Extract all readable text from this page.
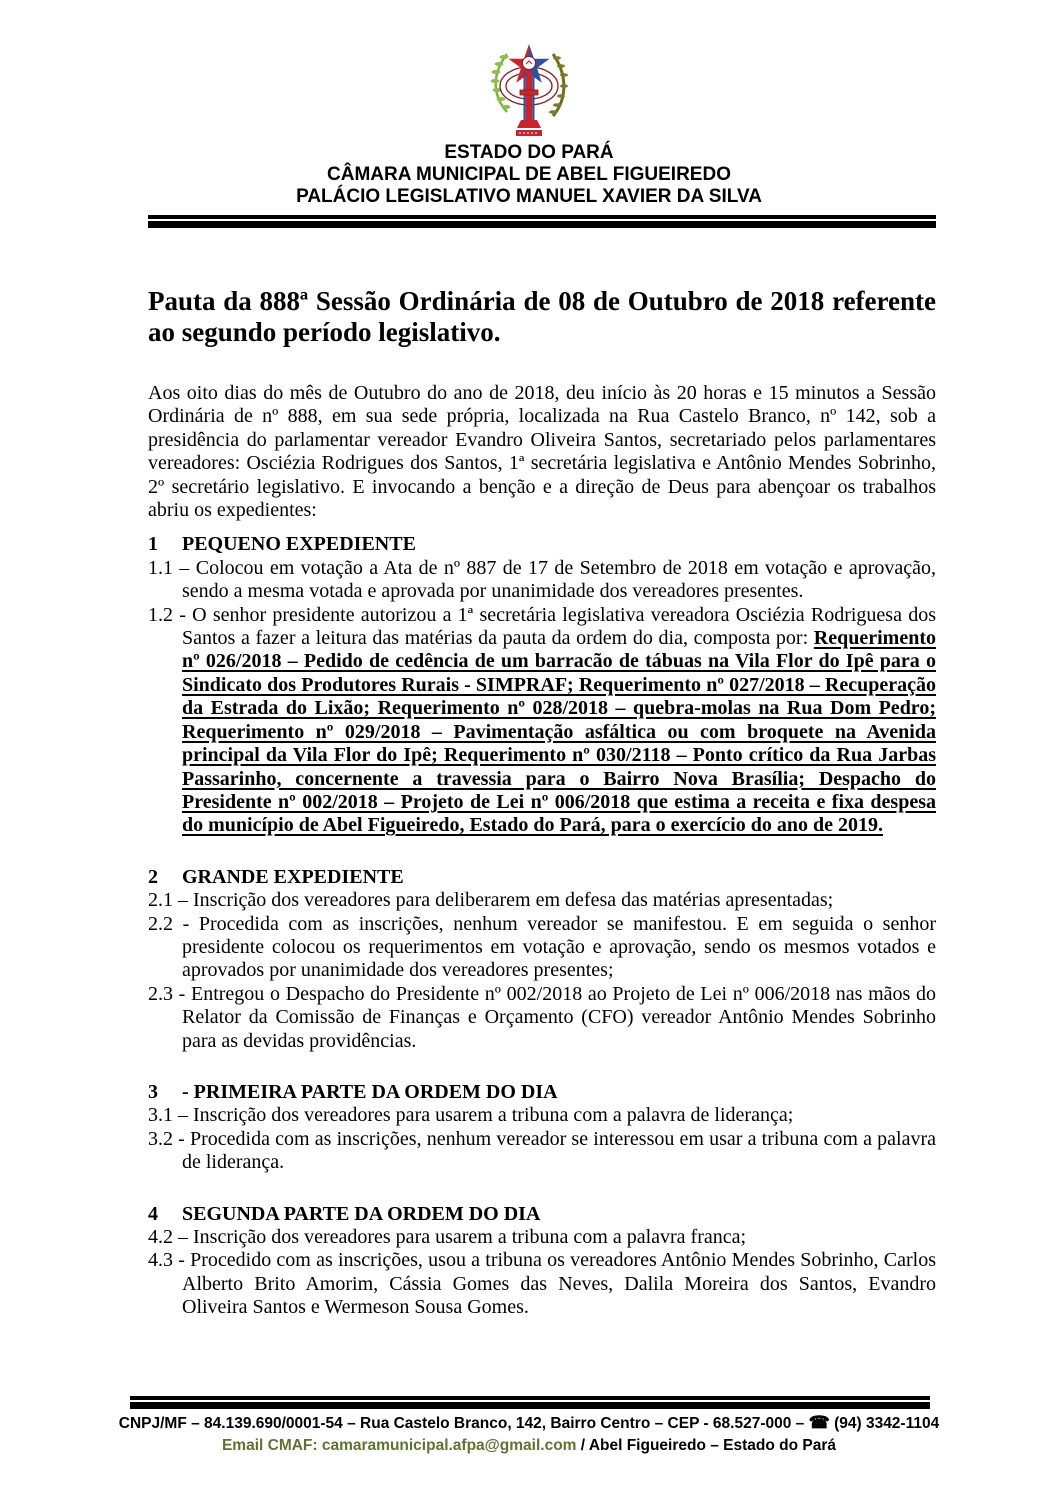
ESTADO DO PARÁ
CÂMARA MUNICIPAL DE ABEL FIGUEIREDO
PALÁCIO LEGISLATIVO MANUEL XAVIER DA SILVA
Pauta da 888ª Sessão Ordinária de 08 de Outubro de 2018 referente ao segundo período legislativo.

Aos oito dias do mês de Outubro do ano de 2018, deu início às 20 horas e 15 minutos a Sessão Ordinária de nº 888, em sua sede própria, localizada na Rua Castelo Branco, nº 142, sob a presidência do parlamentar vereador Evandro Oliveira Santos, secretariado pelos parlamentares vereadores: Osciézia Rodrigues dos Santos, 1ª secretária legislativa e Antônio Mendes Sobrinho, 2º secretário legislativo. E invocando a benção e a direção de Deus para abençoar os trabalhos abriu os expedientes:

1 PEQUENO EXPEDIENTE

1.1 – Colocou em votação a Ata de nº 887 de 17 de Setembro de 2018 em votação e aprovação, sendo a mesma votada e aprovada por unanimidade dos vereadores presentes.

1.2 - O senhor presidente autorizou a 1ª secretária legislativa vereadora Osciézia Rodriguesa dos Santos a fazer a leitura das matérias da pauta da ordem do dia, composta por: Requerimento nº 026/2018 – Pedido de cedência de um barracão de tábuas na Vila Flor do Ipê para o Sindicato dos Produtores Rurais - SIMPRAF; Requerimento nº 027/2018 – Recuperação da Estrada do Lixão; Requerimento nº 028/2018 – quebra-molas na Rua Dom Pedro; Requerimento nº 029/2018 – Pavimentação asfáltica ou com broquete na Avenida principal da Vila Flor do Ipê; Requerimento nº 030/2118 – Ponto crítico da Rua Jarbas Passarinho, concernente a travessia para o Bairro Nova Brasília; Despacho do Presidente nº 002/2018 – Projeto de Lei nº 006/2018 que estima a receita e fixa despesa do município de Abel Figueiredo, Estado do Pará, para o exercício do ano de 2019.

2 GRANDE EXPEDIENTE

2.1 – Inscrição dos vereadores para deliberarem em defesa das matérias apresentadas;

2.2 - Procedida com as inscrições, nenhum vereador se manifestou. E em seguida o senhor presidente colocou os requerimentos em votação e aprovação, sendo os mesmos votados e aprovados por unanimidade dos vereadores presentes;

2.3 - Entregou o Despacho do Presidente nº 002/2018 ao Projeto de Lei nº 006/2018 nas mãos do Relator da Comissão de Finanças e Orçamento (CFO) vereador Antônio Mendes Sobrinho para as devidas providências.

3 - PRIMEIRA PARTE DA ORDEM DO DIA

3.1 – Inscrição dos vereadores para usarem a tribuna com a palavra de liderança;

3.2 - Procedida com as inscrições, nenhum vereador se interessou em usar a tribuna com a palavra de liderança.

4 SEGUNDA PARTE DA ORDEM DO DIA

4.2 – Inscrição dos vereadores para usarem a tribuna com a palavra franca;

4.3 - Procedido com as inscrições, usou a tribuna os vereadores Antônio Mendes Sobrinho, Carlos Alberto Brito Amorim, Cássia Gomes das Neves, Dalila Moreira dos Santos, Evandro Oliveira Santos e Wermeson Sousa Gomes.

CNPJ/MF – 84.139.690/0001-54 – Rua Castelo Branco, 142, Bairro Centro – CEP - 68.527-000 – ☎ (94) 3342-1104
Email CMAF: camaramunicipal.afpa@gmail.com / Abel Figueiredo – Estado do Pará
